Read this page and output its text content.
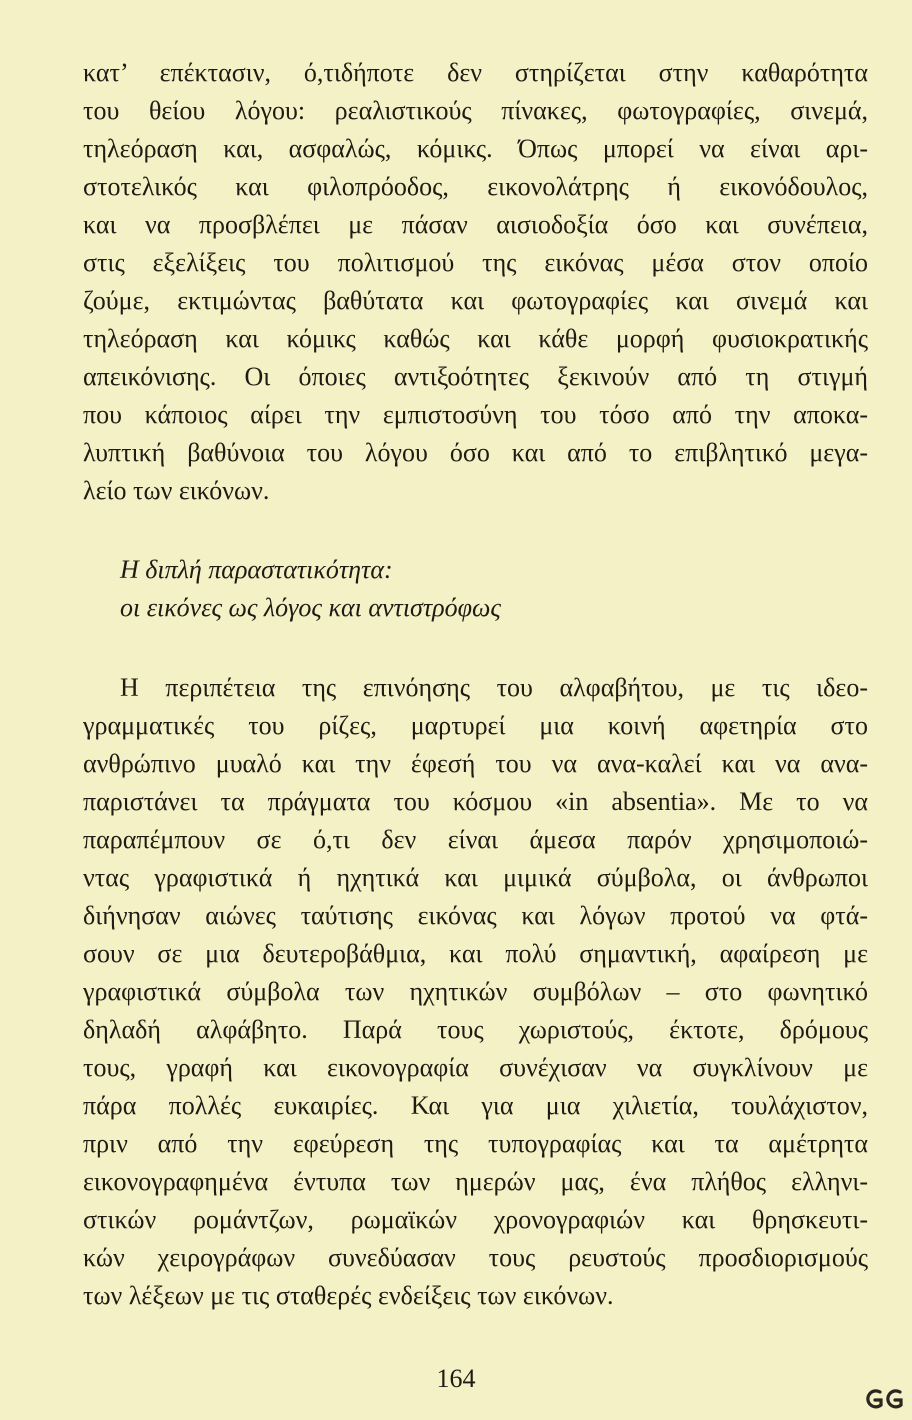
κατ’ επέκτασιν, ό,τιδήποτε δεν στηρίζεται στην καθαρότητα
του θείου λόγου: ρεαλιστικούς πίνακες, φωτογραφίες, σινεμά,
τηλεόραση και, ασφαλώς, κόμικς. Όπως μπορεί να είναι αρι-
στοτελικός και φιλοπρόοδος, εικονολάτρης ή εικονόδουλος,
και να προσβλέπει με πάσαν αισιοδοξία όσο και συνέπεια,
στις εξελίξεις του πολιτισμού της εικόνας μέσα στον οποίο
ζούμε, εκτιμώντας βαθύτατα και φωτογραφίες και σινεμά και
τηλεόραση και κόμικς καθώς και κάθε μορφή φυσιοκρατικής
απεικόνισης. Οι όποιες αντιξοότητες ξεκινούν από τη στιγμή
που κάποιος αίρει την εμπιστοσύνη του τόσο από την αποκα-
λυπτική βαθύνοια του λόγου όσο και από το επιβλητικό μεγα-
λείο των εικόνων.
Η διπλή παραστατικότητα:
οι εικόνες ως λόγος και αντιστρόφως
Η περιπέτεια της επινόησης του αλφαβήτου, με τις ιδεο-
γραμματικές του ρίζες, μαρτυρεί μια κοινή αφετηρία στο
ανθρώπινο μυαλό και την έφεσή του να ανα-καλεί και να ανα-
παριστάνει τα πράγματα του κόσμου «in absentia». Με το να
παραπέμπουν σε ό,τι δεν είναι άμεσα παρόν χρησιμοποιώ-
ντας γραφιστικά ή ηχητικά και μιμικά σύμβολα, οι άνθρωποι
διήνησαν αιώνες ταύτισης εικόνας και λόγων προτού να φτά-
σουν σε μια δευτεροβάθμια, και πολύ σημαντική, αφαίρεση με
γραφιστικά σύμβολα των ηχητικών συμβόλων – στο φωνητικό
δηλαδή αλφάβητο. Παρά τους χωριστούς, έκτοτε, δρόμους
τους, γραφή και εικονογραφία συνέχισαν να συγκλίνουν με
πάρα πολλές ευκαιρίες. Και για μια χιλιετία, τουλάχιστον,
πριν από την εφεύρεση της τυπογραφίας και τα αμέτρητα
εικονογραφημένα έντυπα των ημερών μας, ένα πλήθος ελληνι-
στικών ρομάντζων, ρωμαϊκών χρονογραφιών και θρησκευτι-
κών χειρογράφων συνεδύασαν τους ρευστούς προσδιορισμούς
των λέξεων με τις σταθερές ενδείξεις των εικόνων.
164
